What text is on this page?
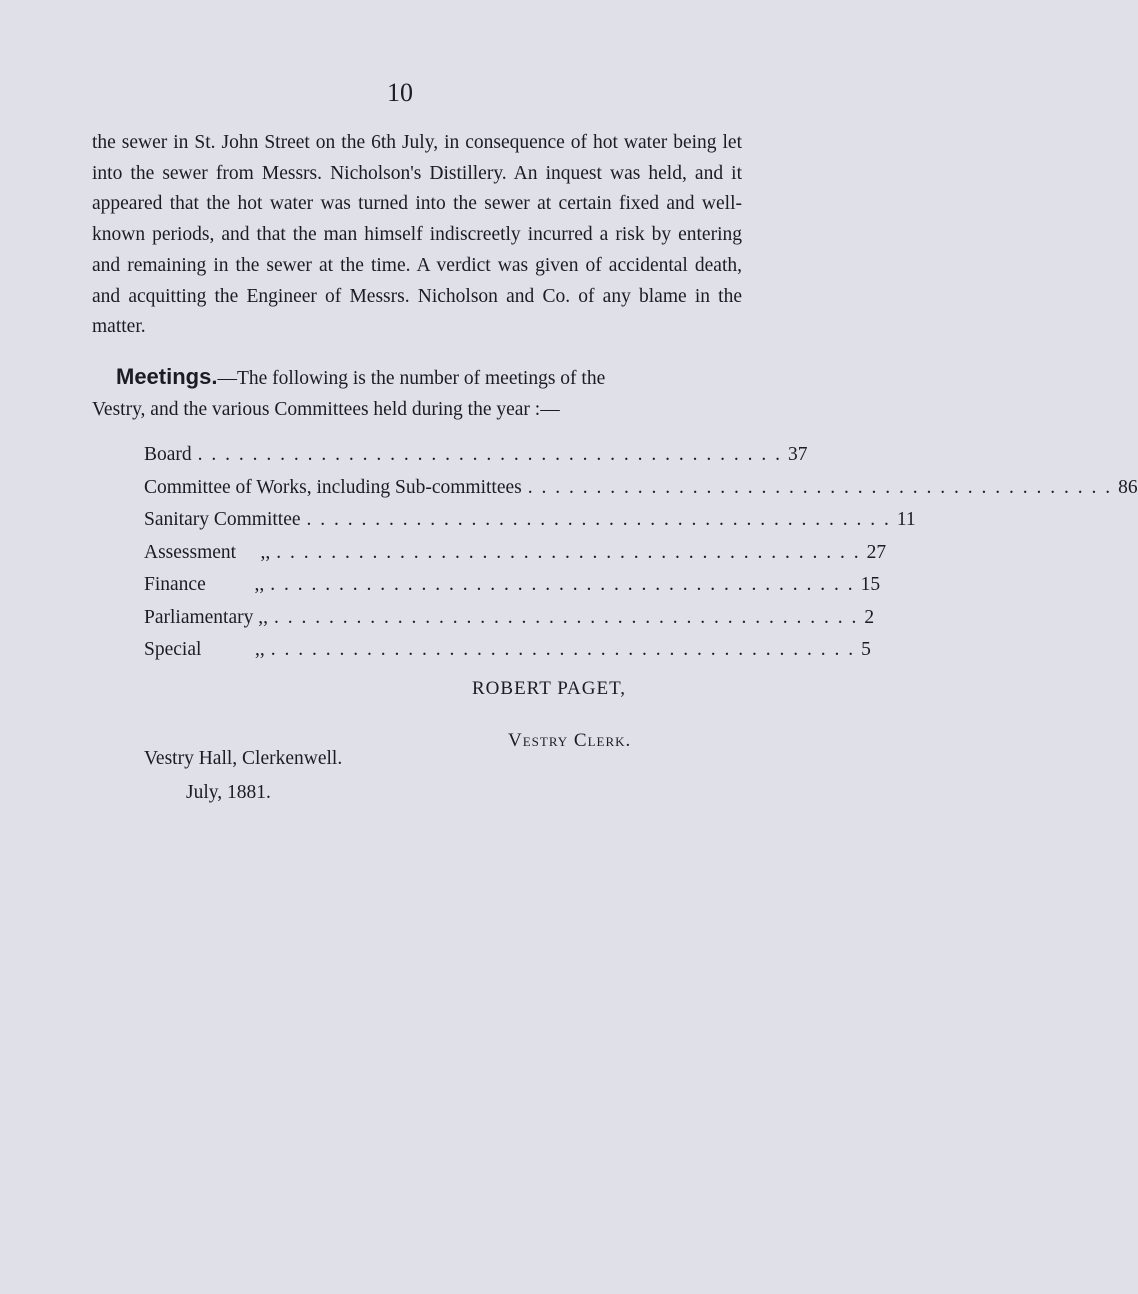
10
the sewer in St. John Street on the 6th July, in consequence of hot water being let into the sewer from Messrs. Nicholson's Distillery. An inquest was held, and it appeared that the hot water was turned into the sewer at certain fixed and well-known periods, and that the man himself indiscreetly incurred a risk by entering and remaining in the sewer at the time. A verdict was given of accidental death, and acquitting the Engineer of Messrs. Nicholson and Co. of any blame in the matter.
Meetings.—The following is the number of meetings of the
Vestry, and the various Committees held during the year :—
Board . . . . . . . . . . . . . . . . . . . . . . . . . . . . . . . . . . . . . . . . . . . 37
Committee of Works, including Sub-committees . . . . . . . . . . . . . . . . . . . . . . . . . . . . . . . . . . . . . . . . . . . 86
Sanitary Committee . . . . . . . . . . . . . . . . . . . . . . . . . . . . . . . . . . . . . . . . . . . 11
Assessment     ,, . . . . . . . . . . . . . . . . . . . . . . . . . . . . . . . . . . . . . . . . . . . 27
Finance          ,, . . . . . . . . . . . . . . . . . . . . . . . . . . . . . . . . . . . . . . . . . . . 15
Parliamentary ,, . . . . . . . . . . . . . . . . . . . . . . . . . . . . . . . . . . . . . . . . . . . 2
Special           ,, . . . . . . . . . . . . . . . . . . . . . . . . . . . . . . . . . . . . . . . . . . . 5
ROBERT PAGET,
Vestry Clerk.
Vestry Hall, Clerkenwell.
July, 1881.
